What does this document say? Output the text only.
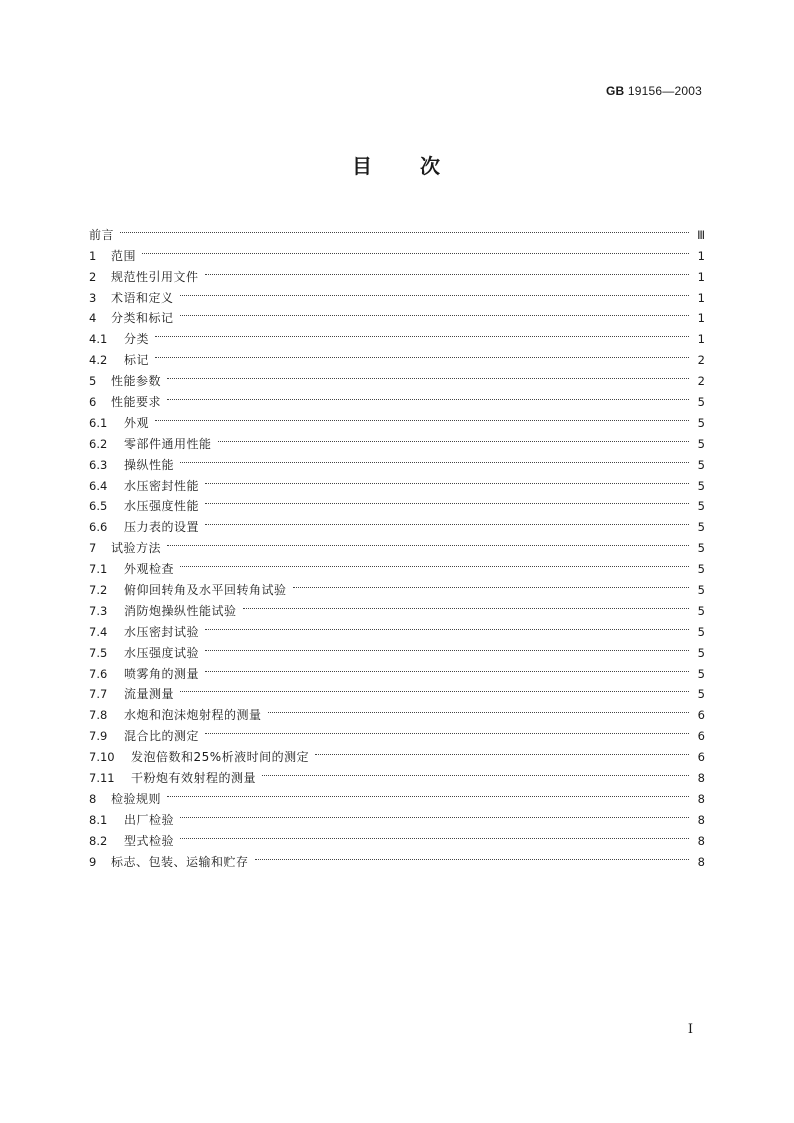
GB 19156—2003
目 次
前言	Ⅲ
1	范围	1
2	规范性引用文件	1
3	术语和定义	1
4	分类和标记	1
4.1	分类	1
4.2	标记	2
5	性能参数	2
6	性能要求	5
6.1	外观	5
6.2	零部件通用性能	5
6.3	操纵性能	5
6.4	水压密封性能	5
6.5	水压强度性能	5
6.6	压力表的设置	5
7	试验方法	5
7.1	外观检查	5
7.2	俯仰回转角及水平回转角试验	5
7.3	消防炮操纵性能试验	5
7.4	水压密封试验	5
7.5	水压强度试验	5
7.6	喷雾角的测量	5
7.7	流量测量	5
7.8	水炮和泡沫炮射程的测量	6
7.9	混合比的测定	6
7.10	发泡倍数和25%析液时间的测定	6
7.11	干粉炮有效射程的测量	8
8	检验规则	8
8.1	出厂检验	8
8.2	型式检验	8
9	标志、包装、运输和贮存	8
I
